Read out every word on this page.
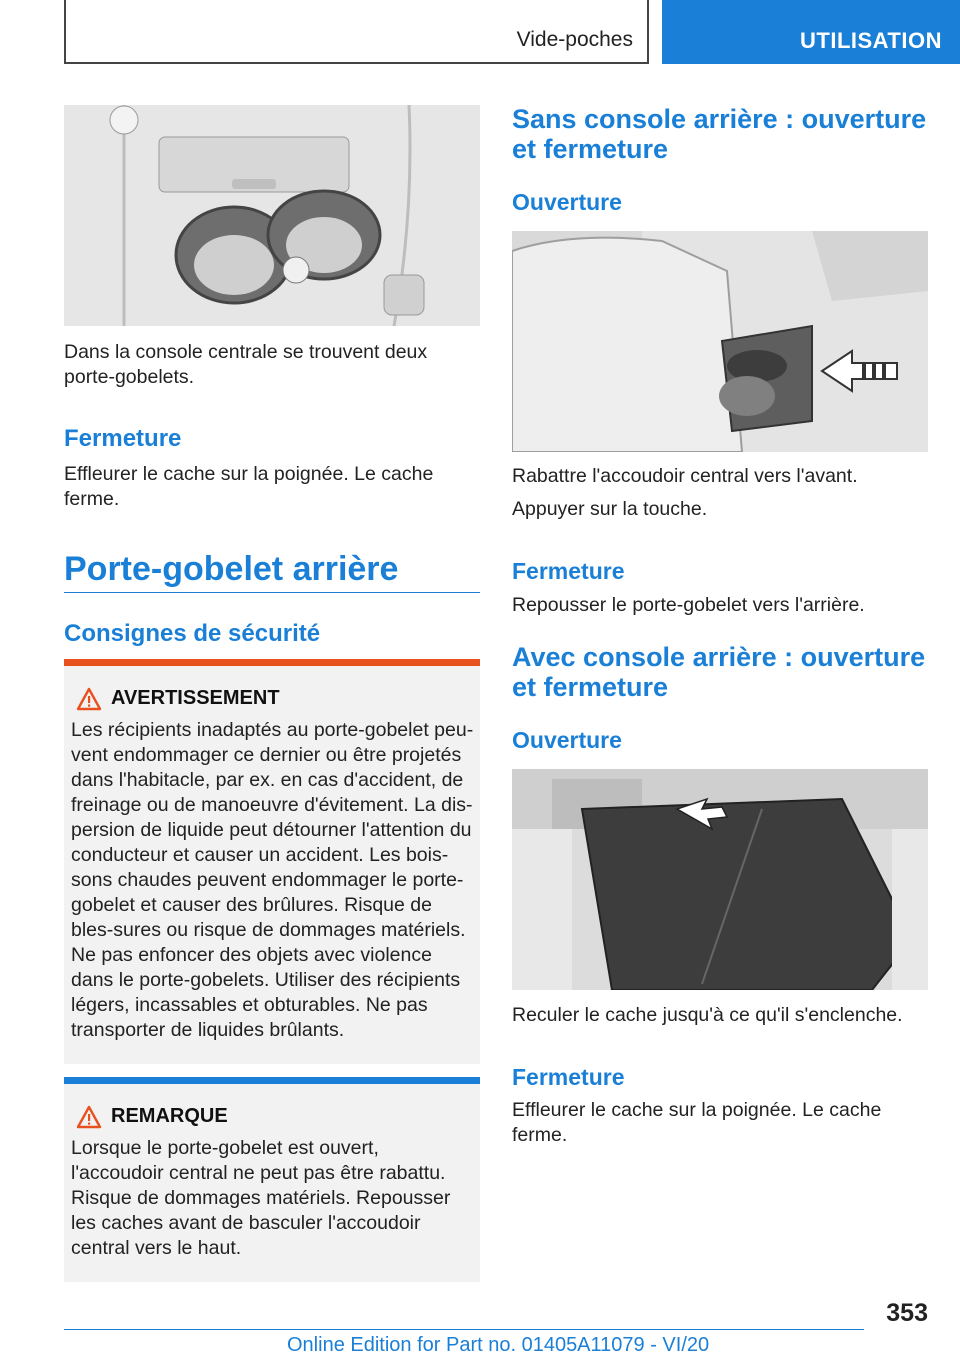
Vide-poches	UTILISATION
Dans la console centrale se trouvent deux porte-gobelets.
Fermeture
Effleurer le cache sur la poignée. Le cache ferme.
Porte-gobelet arrière
Consignes de sécurité
AVERTISSEMENT
Les récipients inadaptés au porte-gobelet peu-vent endommager ce dernier ou être projetés dans l'habitacle, par ex. en cas d'accident, de freinage ou de manoeuvre d'évitement. La dis-persion de liquide peut détourner l'attention du conducteur et causer un accident. Les bois-sons chaudes peuvent endommager le porte-gobelet et causer des brûlures. Risque de bles-sures ou risque de dommages matériels. Ne pas enfoncer des objets avec violence dans le porte-gobelets. Utiliser des récipients légers, incassables et obturables. Ne pas transporter de liquides brûlants.
REMARQUE
Lorsque le porte-gobelet est ouvert, l'accoudoir central ne peut pas être rabattu. Risque de dommages matériels. Repousser les caches avant de basculer l'accoudoir central vers le haut.
Sans console arrière : ouverture et fermeture
Ouverture
Rabattre l'accoudoir central vers l'avant.
Appuyer sur la touche.
Fermeture
Repousser le porte-gobelet vers l'arrière.
Avec console arrière : ouverture et fermeture
Ouverture
Reculer le cache jusqu'à ce qu'il s'enclenche.
Fermeture
Effleurer le cache sur la poignée. Le cache ferme.
353
Online Edition for Part no. 01405A11079 - VI/20
